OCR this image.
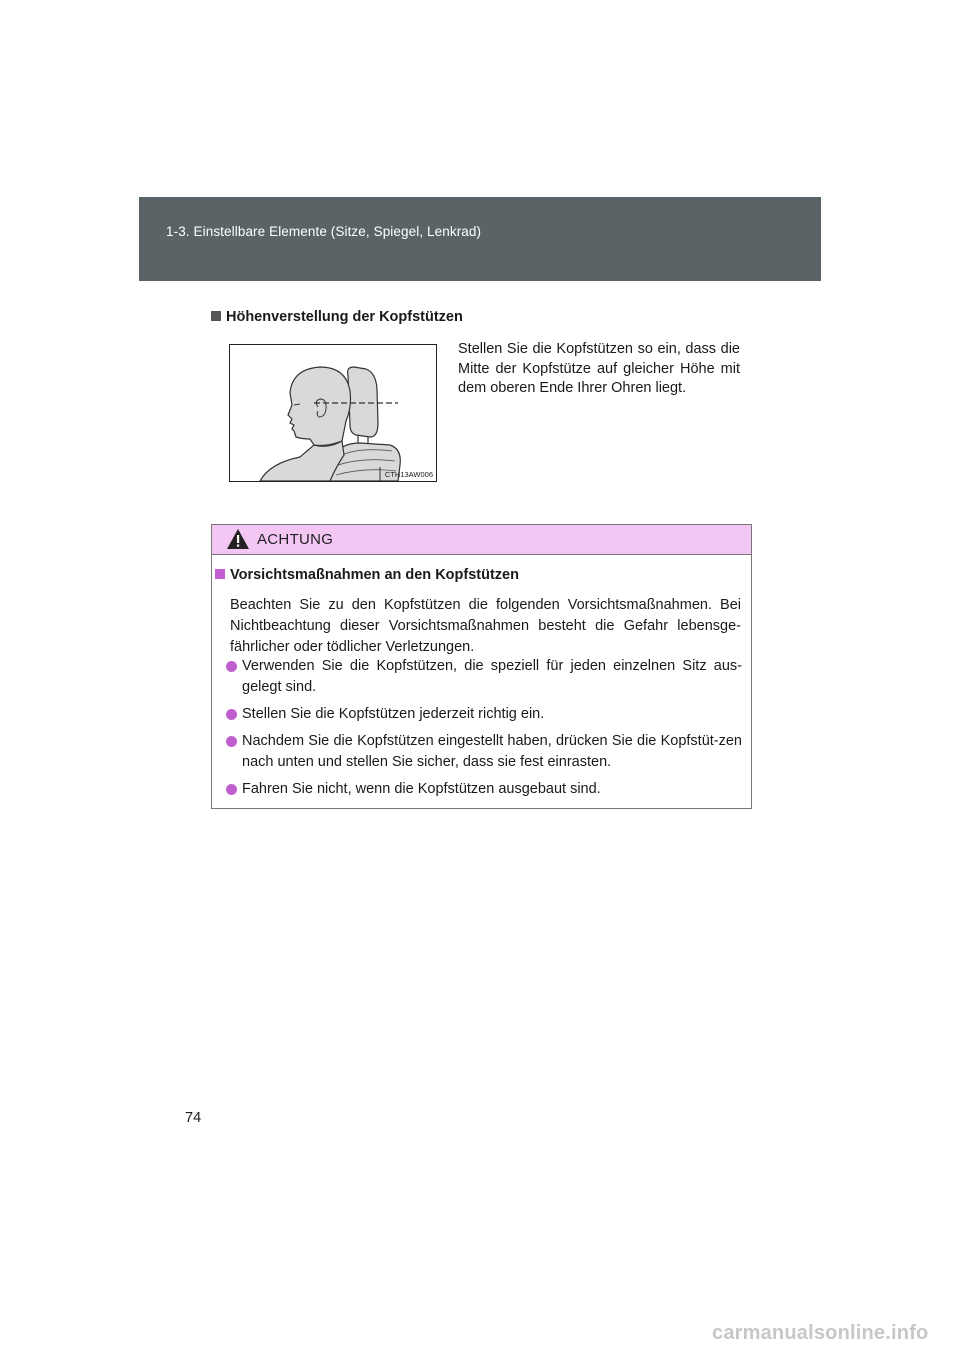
1-3. Einstellbare Elemente (Sitze, Spiegel, Lenkrad)
Höhenverstellung der Kopfstützen
CTH13AW006
Stellen Sie die Kopfstützen so ein, dass die Mitte der Kopfstütze auf gleicher Höhe mit dem oberen Ende Ihrer Ohren liegt.
ACHTUNG
Vorsichtsmaßnahmen an den Kopfstützen
Beachten Sie zu den Kopfstützen die folgenden Vorsichtsmaßnahmen. Bei Nichtbeachtung dieser Vorsichtsmaßnahmen besteht die Gefahr lebensge-fährlicher oder tödlicher Verletzungen.
Verwenden Sie die Kopfstützen, die speziell für jeden einzelnen Sitz aus-gelegt sind.
Stellen Sie die Kopfstützen jederzeit richtig ein.
Nachdem Sie die Kopfstützen eingestellt haben, drücken Sie die Kopfstüt-zen nach unten und stellen Sie sicher, dass sie fest einrasten.
Fahren Sie nicht, wenn die Kopfstützen ausgebaut sind.
74
carmanualsonline.info
